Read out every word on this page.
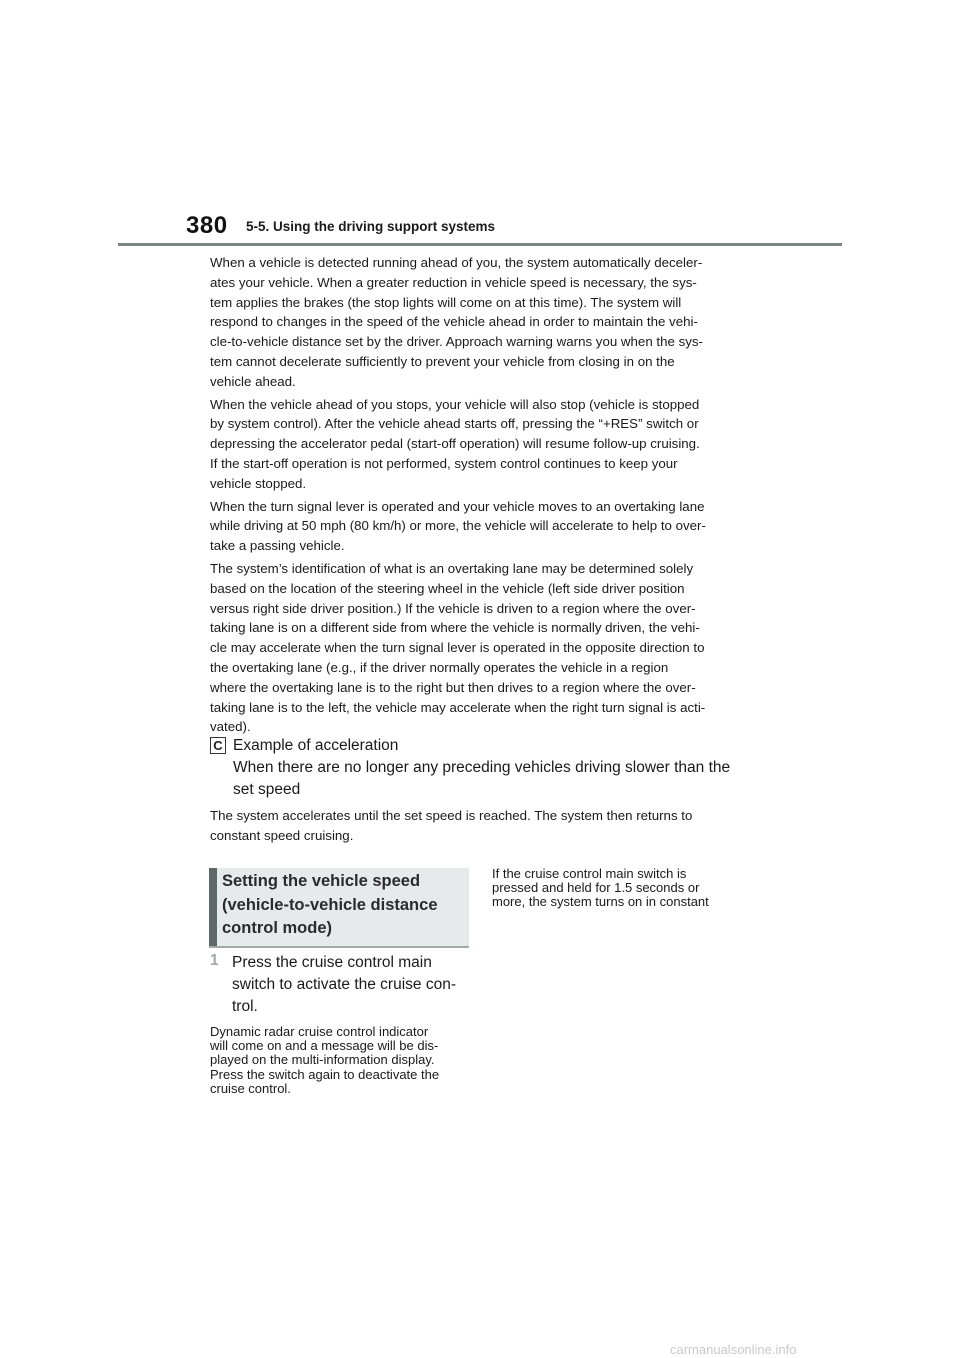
380 5-5. Using the driving support systems

When a vehicle is detected running ahead of you, the system automatically deceler-
ates your vehicle. When a greater reduction in vehicle speed is necessary, the sys-
tem applies the brakes (the stop lights will come on at this time). The system will
respond to changes in the speed of the vehicle ahead in order to maintain the vehi-
cle-to-vehicle distance set by the driver. Approach warning warns you when the sys-
tem cannot decelerate sufficiently to prevent your vehicle from closing in on the
vehicle ahead.

When the vehicle ahead of you stops, your vehicle will also stop (vehicle is stopped
by system control). After the vehicle ahead starts off, pressing the “+RES” switch or
depressing the accelerator pedal (start-off operation) will resume follow-up cruising.
If the start-off operation is not performed, system control continues to keep your
vehicle stopped.

When the turn signal lever is operated and your vehicle moves to an overtaking lane
while driving at 50 mph (80 km/h) or more, the vehicle will accelerate to help to over-
take a passing vehicle.

The system’s identification of what is an overtaking lane may be determined solely
based on the location of the steering wheel in the vehicle (left side driver position
versus right side driver position.) If the vehicle is driven to a region where the over-
taking lane is on a different side from where the vehicle is normally driven, the vehi-
cle may accelerate when the turn signal lever is operated in the opposite direction to
the overtaking lane (e.g., if the driver normally operates the vehicle in a region
where the overtaking lane is to the right but then drives to a region where the over-
taking lane is to the left, the vehicle may accelerate when the right turn signal is acti-
vated).

C Example of acceleration
When there are no longer any preceding vehicles driving slower than the
set speed

The system accelerates until the set speed is reached. The system then returns to
constant speed cruising.

Setting the vehicle speed
(vehicle-to-vehicle distance
control mode)
1 Press the cruise control main
switch to activate the cruise con-
trol.
Dynamic radar cruise control indicator
will come on and a message will be dis-
played on the multi-information display.
Press the switch again to deactivate the
cruise control.
If the cruise control main switch is
pressed and held for 1.5 seconds or
more, the system turns on in constant
carmanualsonline.info
